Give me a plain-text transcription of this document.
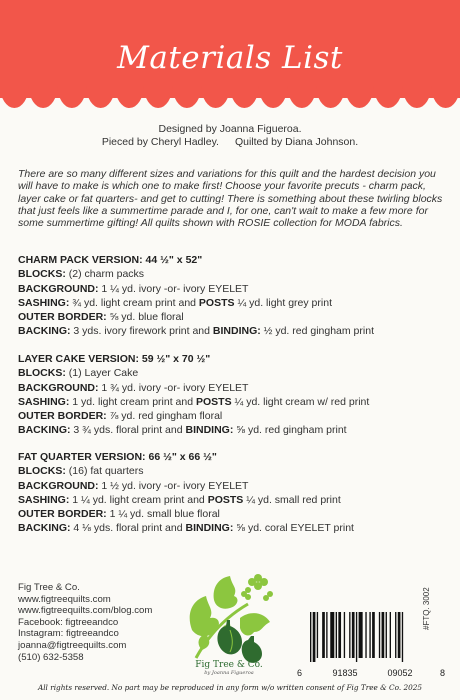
Materials List
Designed by Joanna Figueroa.
Pieced by Cheryl Hadley. Quilted by Diana Johnson.
There are so many different sizes and variations for this quilt and the hardest decision you will have to make is which one to make first! Choose your favorite precuts - charm pack, layer cake or fat quarters- and get to cutting! There is something about these twirling blocks that just feels like a summertime parade and I, for one, can't wait to make a few more for some summertime gifting! All quilts shown with ROSIE collection for MODA fabrics.
CHARM PACK VERSION: 44 ½" x 52"
BLOCKS: (2) charm packs
BACKGROUND: 1 ¼ yd. ivory -or- ivory EYELET
SASHING: ¾ yd. light cream print and POSTS ¼ yd. light grey print
OUTER BORDER: ⅝ yd. blue floral
BACKING: 3 yds. ivory firework print and BINDING: ½ yd. red gingham print
LAYER CAKE VERSION: 59 ½" x 70 ½"
BLOCKS: (1) Layer Cake
BACKGROUND: 1 ¾ yd. ivory -or- ivory EYELET
SASHING: 1 yd. light cream print and POSTS ¼ yd. light cream w/ red print
OUTER BORDER: ⅞ yd. red gingham floral
BACKING: 3 ¾ yds. floral print and BINDING: ⅝ yd. red gingham print
FAT QUARTER VERSION: 66 ½" x 66 ½"
BLOCKS: (16) fat quarters
BACKGROUND: 1 ½ yd. ivory -or- ivory EYELET
SASHING: 1 ¼ yd. light cream print and POSTS ¼ yd. small red print
OUTER BORDER: 1 ¼ yd. small blue floral
BACKING: 4 ⅛ yds. floral print and BINDING: ⅝ yd. coral EYELET print
Fig Tree & Co.
www.figtreequilts.com
www.figtreequilts.com/blog.com
Facebook: figtreeandco
Instagram: figtreeandco
joanna@figtreequilts.com
(510) 632-5358
Fig Tree & Co.
by Joanna Figueroa
#FTQ. 3002
6	91835	09052	8
All rights reserved. No part may be reproduced in any form w/o written consent of Fig Tree & Co. 2025
